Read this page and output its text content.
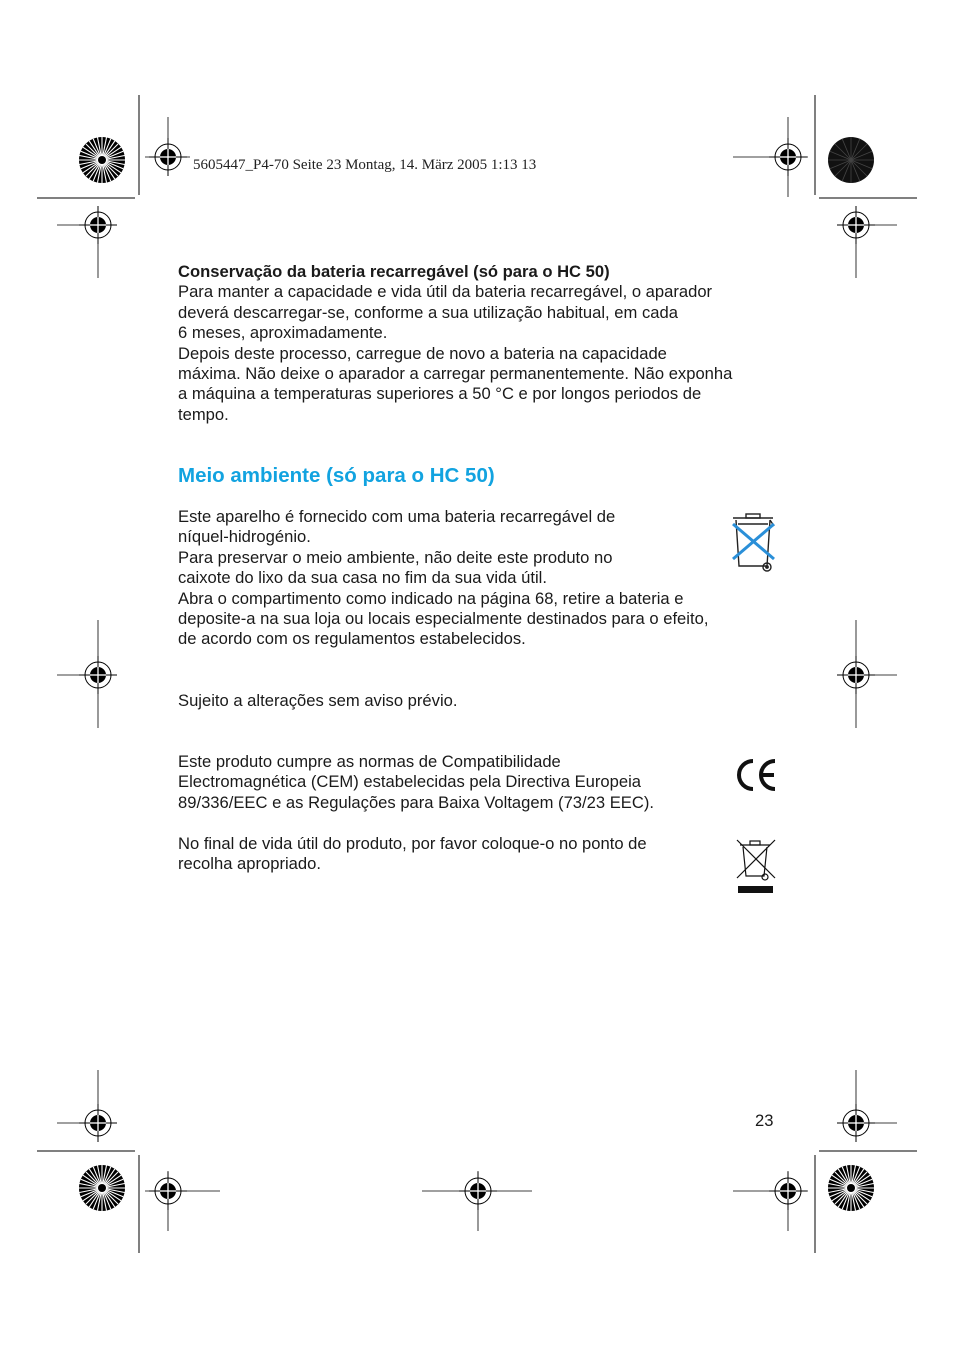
5605447_P4-70 Seite 23 Montag, 14. März 2005 1:13 13
Conservação da bateria recarregável (só para o HC 50)
Para manter a capacidade e vida útil da bateria recarregável, o aparador
deverá descarregar-se, conforme a sua utilização habitual, em cada
6 meses, aproximadamente.
Depois deste processo, carregue de novo a bateria na capacidade
máxima. Não deixe o aparador a carregar permanentemente. Não exponha
a máquina a temperaturas superiores a 50 °C e por longos periodos de
tempo.
Meio ambiente (só para o HC 50)
Este aparelho é fornecido com uma bateria recarregável de
níquel-hidrogénio.
Para preservar o meio ambiente, não deite este produto no
caixote do lixo da sua casa no fim da sua vida útil.
Abra o compartimento como indicado na página 68, retire a bateria e
deposite-a na sua loja ou locais especialmente destinados para o efeito,
de acordo com os regulamentos estabelecidos.
Sujeito a alterações sem aviso prévio.
Este produto cumpre as normas de Compatibilidade
Electromagnética (CEM) estabelecidas pela Directiva Europeia
89/336/EEC e as Regulações para Baixa Voltagem (73/23 EEC).
No final de vida útil do produto, por favor coloque-o no ponto de
recolha apropriado.
23
